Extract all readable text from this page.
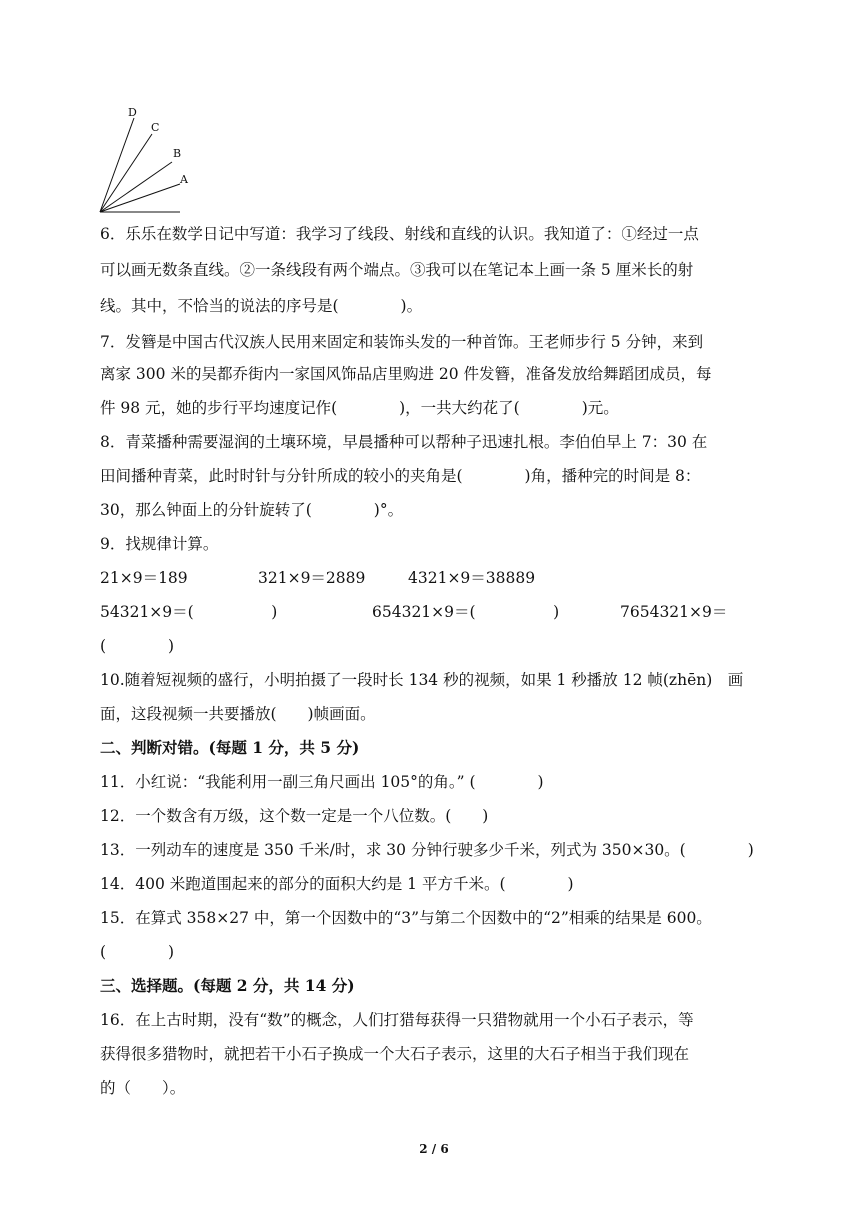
D
C
B
A
6．乐乐在数学日记中写道：我学习了线段、射线和直线的认识。我知道了：①经过一点
可以画无数条直线。②一条线段有两个端点。③我可以在笔记本上画一条 5 厘米长的射
线。其中，不恰当的说法的序号是(　　　　)。
7．发簪是中国古代汉族人民用来固定和装饰头发的一种首饰。王老师步行 5 分钟，来到
离家 300 米的吴都乔街内一家国风饰品店里购进 20 件发簪，准备发放给舞蹈团成员，每
件 98 元，她的步行平均速度记作(　　　　)，一共大约花了(　　　　)元。
8．青菜播种需要湿润的土壤环境，早晨播种可以帮种子迅速扎根。李伯伯早上 7：30 在
田间播种青菜，此时时针与分针所成的较小的夹角是(　　　　)角，播种完的时间是 8：
30，那么钟面上的分针旋转了(　　　　)°。
9．找规律计算。
21×9＝189	321×9＝2889	4321×9＝38889
54321×9＝(　　　　　)	654321×9＝(　　　　　)	7654321×9＝
(　　　　)
10.随着短视频的盛行，小明拍摄了一段时长 134 秒的视频，如果 1 秒播放 12 帧(zhēn)　画
面，这段视频一共要播放(　　)帧画面。
二、判断对错。(每题 1 分，共 5 分)
11．小红说：“我能利用一副三角尺画出 105°的角。” (　　　　)
12．一个数含有万级，这个数一定是一个八位数。(　　)
13．一列动车的速度是 350 千米/时，求 30 分钟行驶多少千米，列式为 350×30。(　　　　)
14．400 米跑道围起来的部分的面积大约是 1 平方千米。(　　　　)
15．在算式 358×27 中，第一个因数中的“3”与第二个因数中的“2”相乘的结果是 600。
(　　　　)
三、选择题。(每题 2 分，共 14 分)
16．在上古时期，没有“数”的概念，人们打猎每获得一只猎物就用一个小石子表示，等
获得很多猎物时，就把若干小石子换成一个大石子表示，这里的大石子相当于我们现在
的（　　）。
2 / 6
